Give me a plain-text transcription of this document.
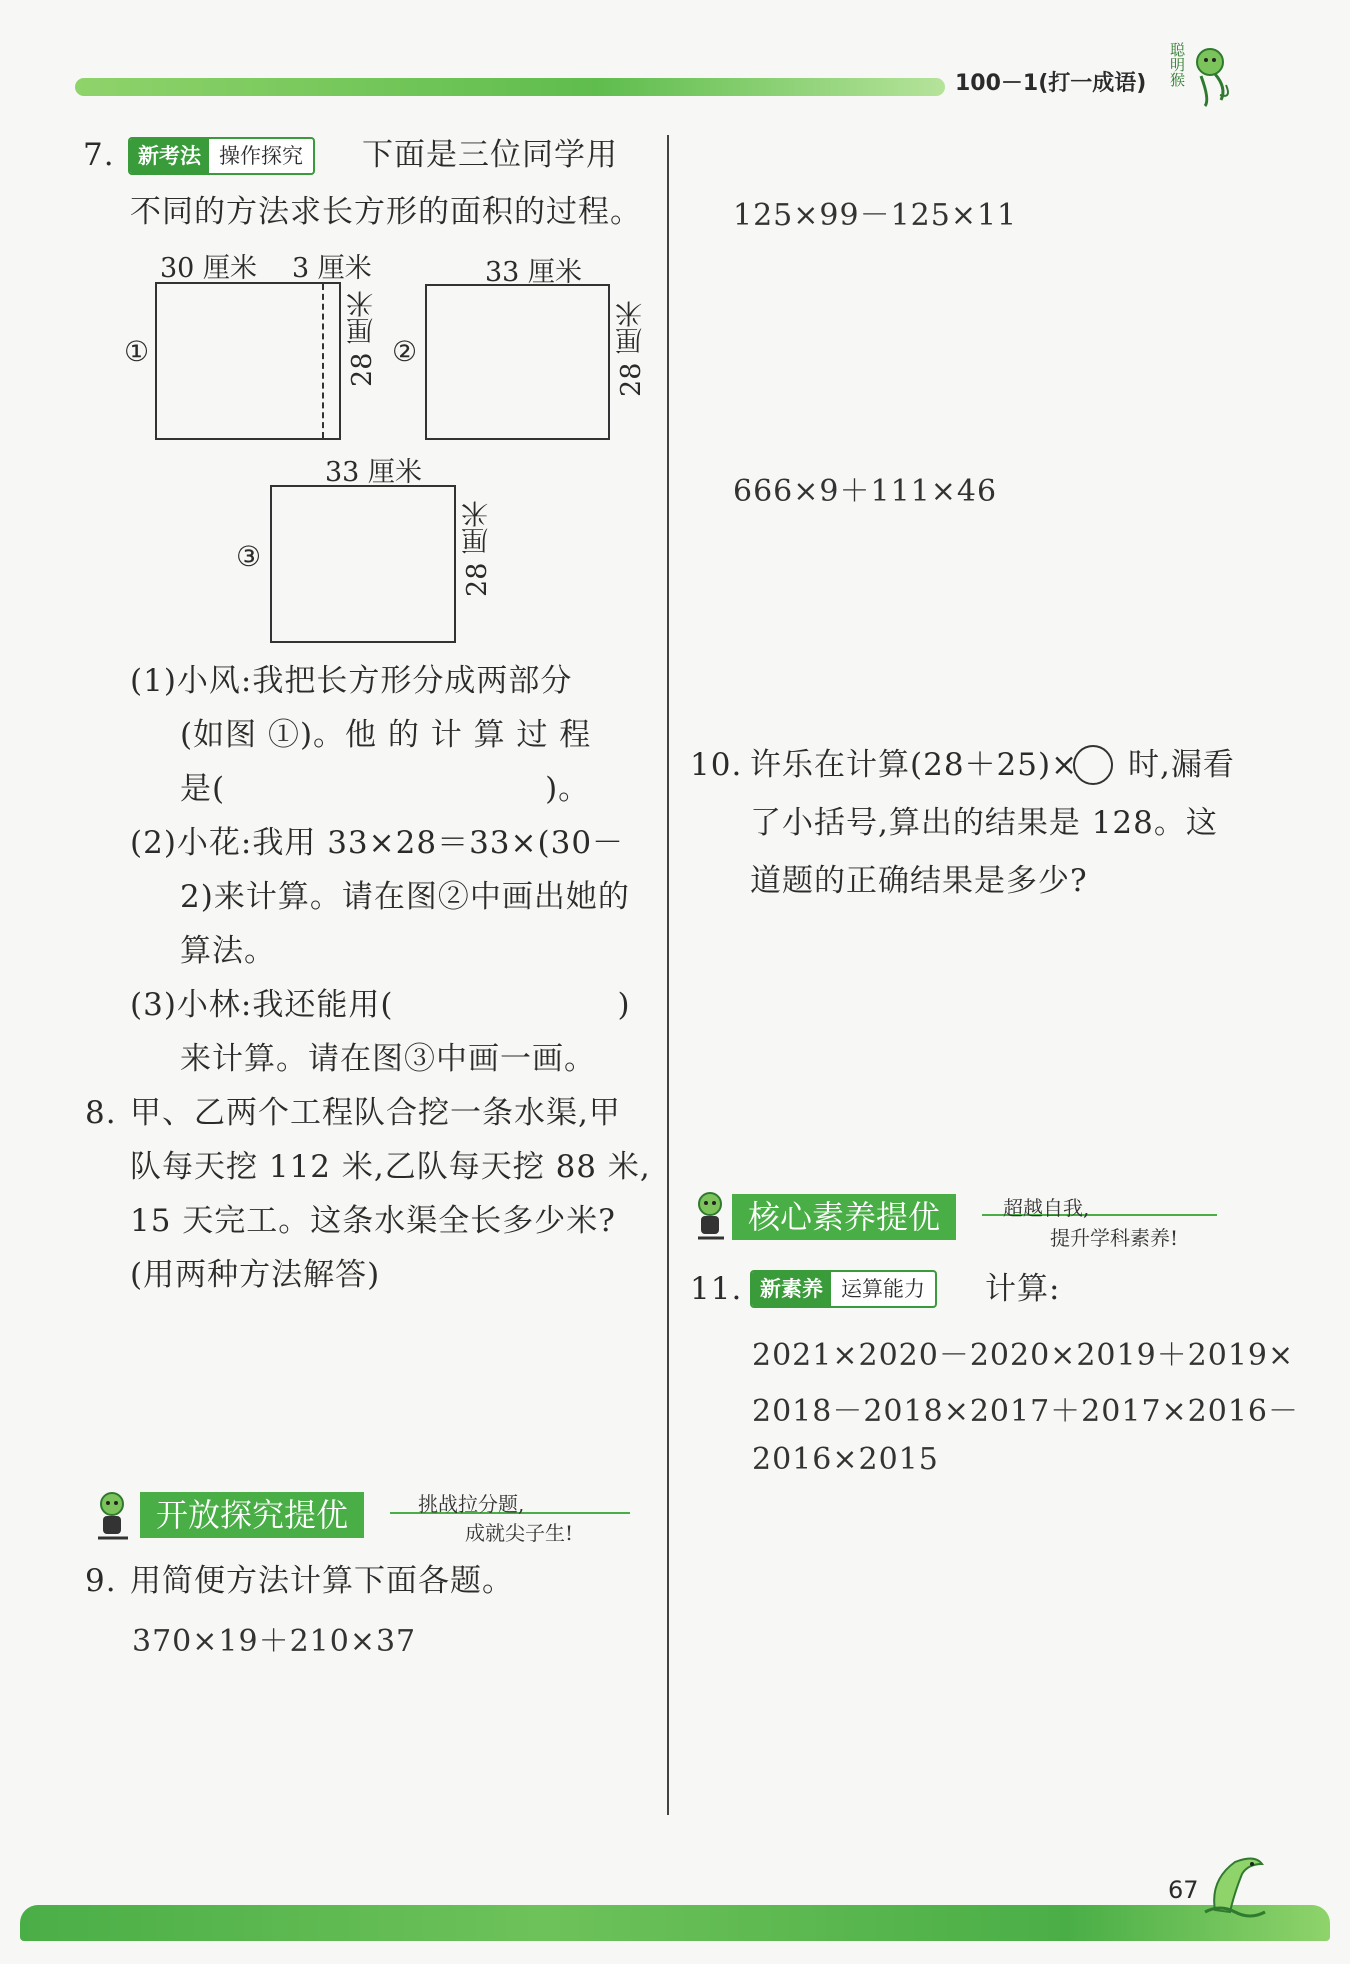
100－1(打一成语) 聪明猴
7.	新考法 操作探究	下面是三位同学用
不同的方法求长方形的面积的过程。
30 厘米 3 厘米
①	28 厘米
33 厘米
②	28 厘米
33 厘米
③	28 厘米
(1)小风:我把长方形分成两部分
(如图 ①)。他 的 计 算 过 程
是(　　　　　　　　　　)。
(2)小花:我用 33×28＝33×(30－
2)来计算。请在图②中画出她的
算法。
(3)小林:我还能用(　　　　　　　)
来计算。请在图③中画一画。
8. 甲、乙两个工程队合挖一条水渠,甲
队每天挖 112 米,乙队每天挖 88 米,
15 天完工。这条水渠全长多少米?
(用两种方法解答)
开放探究提优	挑战拉分题,
成就尖子生!
9. 用简便方法计算下面各题。
370×19＋210×37
125×99－125×11
666×9＋111×46
10. 许乐在计算(28＋25)× 时,漏看
了小括号,算出的结果是 128。这
道题的正确结果是多少?
核心素养提优	超越自我,
提升学科素养!
11. 新素养 运算能力	计算:
2021×2020－2020×2019＋2019×
2018－2018×2017＋2017×2016－
2016×2015
67
